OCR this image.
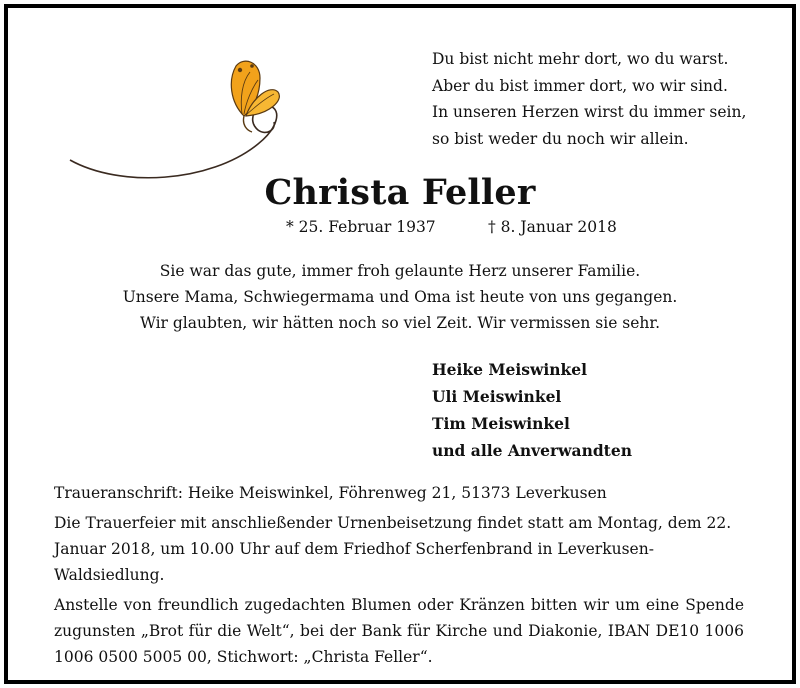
Du bist nicht mehr dort, wo du warst.
Aber du bist immer dort, wo wir sind.
In unseren Herzen wirst du immer sein,
so bist weder du noch wir allein.
Christa Feller
* 25. Februar 1937	† 8. Januar 2018
Sie war das gute, immer froh gelaunte Herz unserer Familie.
Unsere Mama, Schwiegermama und Oma ist heute von uns gegangen.
Wir glaubten, wir hätten noch so viel Zeit. Wir vermissen sie sehr.
Heike Meiswinkel
Uli Meiswinkel
Tim Meiswinkel
und alle Anverwandten

Traueranschrift: Heike Meiswinkel, Föhrenweg 21, 51373 Leverkusen

Die Trauerfeier mit anschließender Urnenbeisetzung findet statt am Montag, dem 22. Januar 2018, um 10.00 Uhr auf dem Friedhof Scherfenbrand in Leverkusen-Waldsiedlung.

Anstelle von freundlich zugedachten Blumen oder Kränzen bitten wir um eine Spende zugunsten „Brot für die Welt“, bei der Bank für Kirche und Diakonie, IBAN DE10 1006 1006 0500 5005 00, Stichwort: „Christa Feller“.
